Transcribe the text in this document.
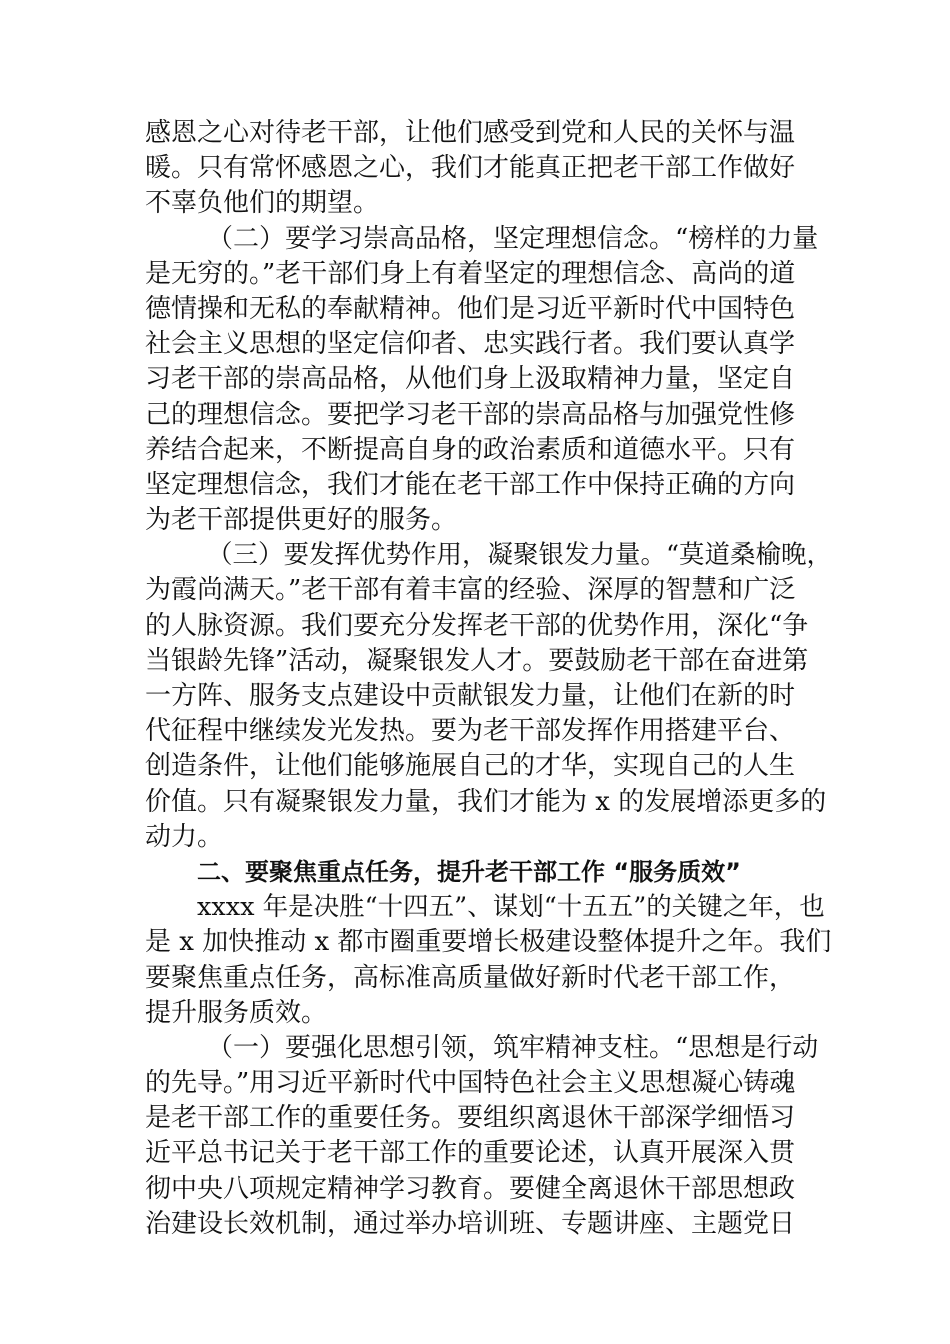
感恩之心对待老干部，让他们感受到党和人民的关怀与温
暖。只有常怀感恩之心，我们才能真正把老干部工作做好
不辜负他们的期望。
（二）要学习崇高品格，坚定理想信念。“榜样的力量
是无穷的。”老干部们身上有着坚定的理想信念、高尚的道
德情操和无私的奉献精神。他们是习近平新时代中国特色
社会主义思想的坚定信仰者、忠实践行者。我们要认真学
习老干部的崇高品格，从他们身上汲取精神力量，坚定自
己的理想信念。要把学习老干部的崇高品格与加强党性修
养结合起来，不断提高自身的政治素质和道德水平。只有
坚定理想信念，我们才能在老干部工作中保持正确的方向
为老干部提供更好的服务。
（三）要发挥优势作用，凝聚银发力量。“莫道桑榆晚，
为霞尚满天。”老干部有着丰富的经验、深厚的智慧和广泛
的人脉资源。我们要充分发挥老干部的优势作用，深化“争
当银龄先锋”活动，凝聚银发人才。要鼓励老干部在奋进第
一方阵、服务支点建设中贡献银发力量，让他们在新的时
代征程中继续发光发热。要为老干部发挥作用搭建平台、
创造条件，让他们能够施展自己的才华，实现自己的人生
价值。只有凝聚银发力量，我们才能为 x 的发展增添更多的
动力。
二、要聚焦重点任务，提升老干部工作 “服务质效”
xxxx 年是决胜“十四五”、谋划“十五五”的关键之年，也
是 x 加快推动 x 都市圈重要增长极建设整体提升之年。我们
要聚焦重点任务，高标准高质量做好新时代老干部工作，
提升服务质效。
（一）要强化思想引领，筑牢精神支柱。“思想是行动
的先导。”用习近平新时代中国特色社会主义思想凝心铸魂
是老干部工作的重要任务。要组织离退休干部深学细悟习
近平总书记关于老干部工作的重要论述，认真开展深入贯
彻中央八项规定精神学习教育。要健全离退休干部思想政
治建设长效机制，通过举办培训班、专题讲座、主题党日
